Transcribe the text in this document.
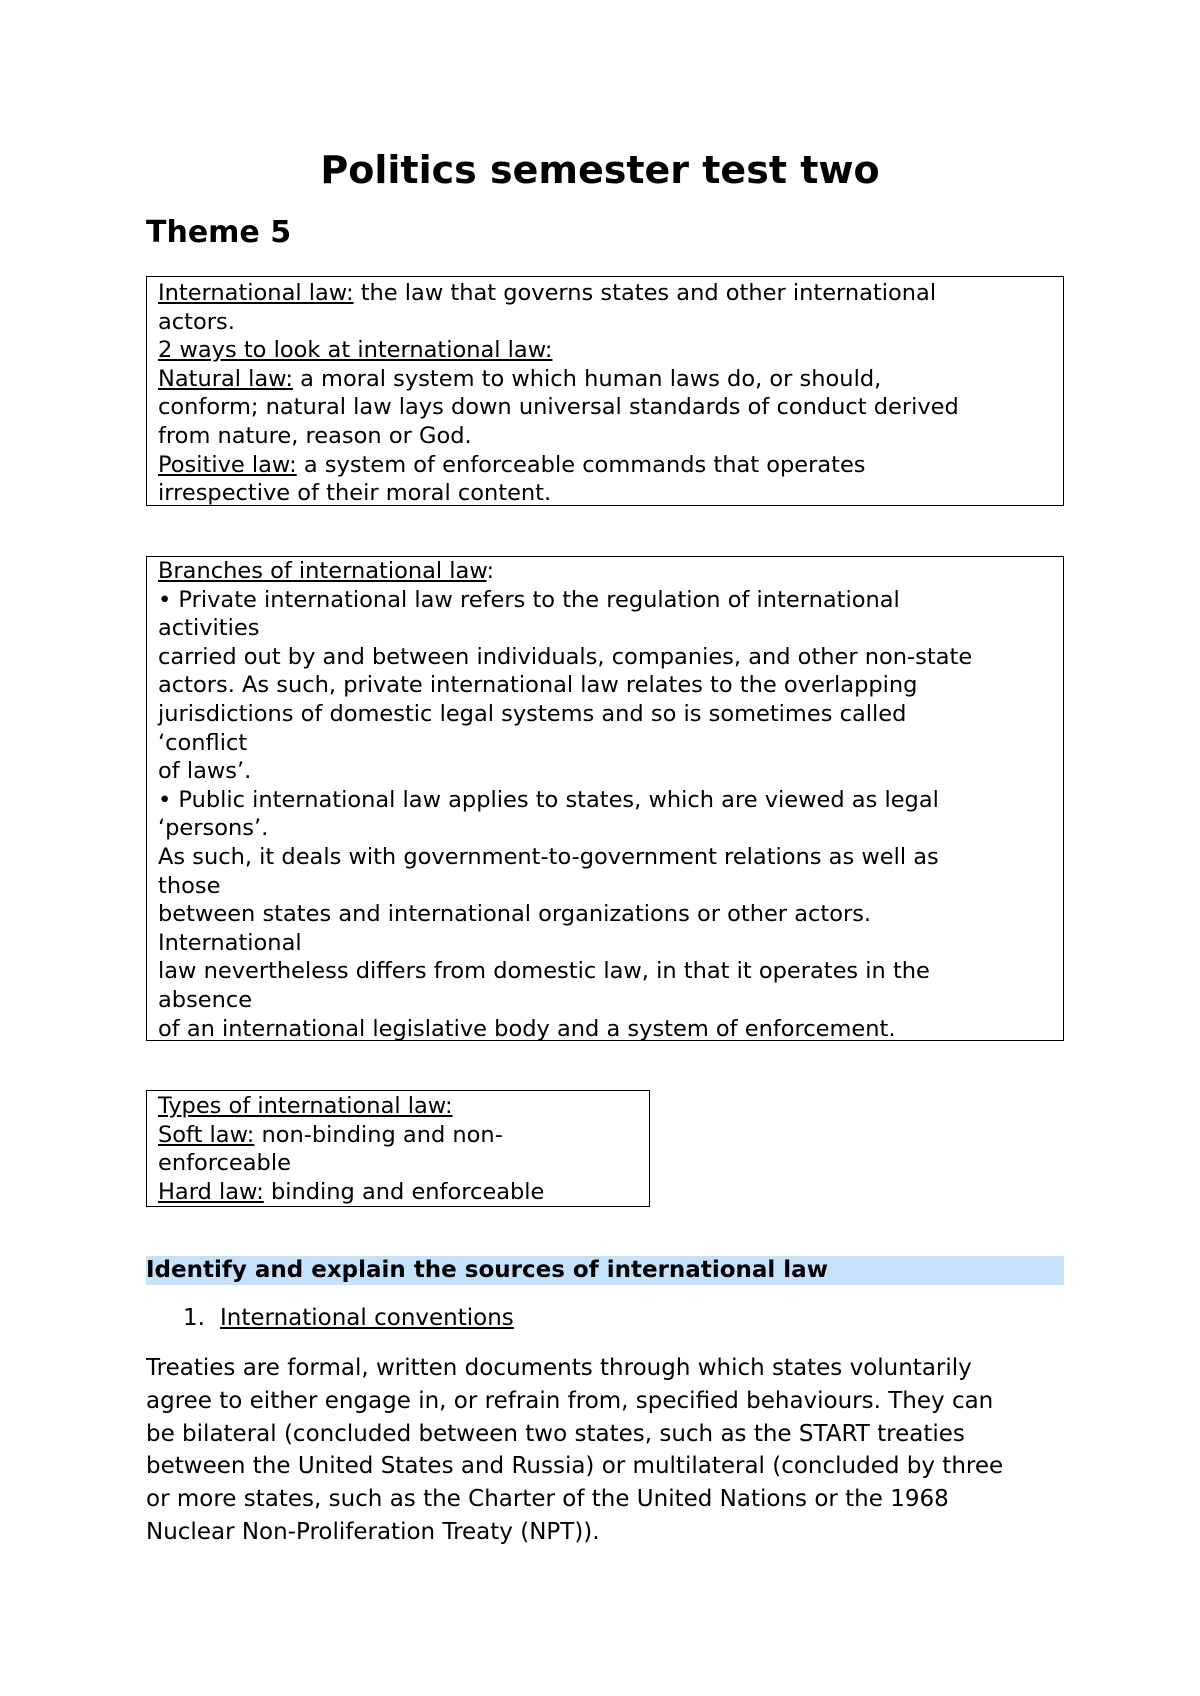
Politics semester test two
Theme 5

International law: the law that governs states and other international

actors.

2 ways to look at international law:

Natural law: a moral system to which human laws do, or should,

conform; natural law lays down universal standards of conduct derived

from nature, reason or God.

Positive law: a system of enforceable commands that operates

irrespective of their moral content.

Branches of international law:

• Private international law refers to the regulation of international

activities

carried out by and between individuals, companies, and other non-state

actors. As such, private international law relates to the overlapping

jurisdictions of domestic legal systems and so is sometimes called

‘conflict

of laws’.

• Public international law applies to states, which are viewed as legal

‘persons’.

As such, it deals with government-to-government relations as well as

those

between states and international organizations or other actors.

International

law nevertheless differs from domestic law, in that it operates in the

absence

of an international legislative body and a system of enforcement.

Types of international law:

Soft law: non-binding and non-

enforceable

Hard law: binding and enforceable

Identify and explain the sources of international law
1. International conventions

Treaties are formal, written documents through which states voluntarily

agree to either engage in, or refrain from, specified behaviours. They can

be bilateral (concluded between two states, such as the START treaties

between the United States and Russia) or multilateral (concluded by three

or more states, such as the Charter of the United Nations or the 1968

Nuclear Non-Proliferation Treaty (NPT)).
